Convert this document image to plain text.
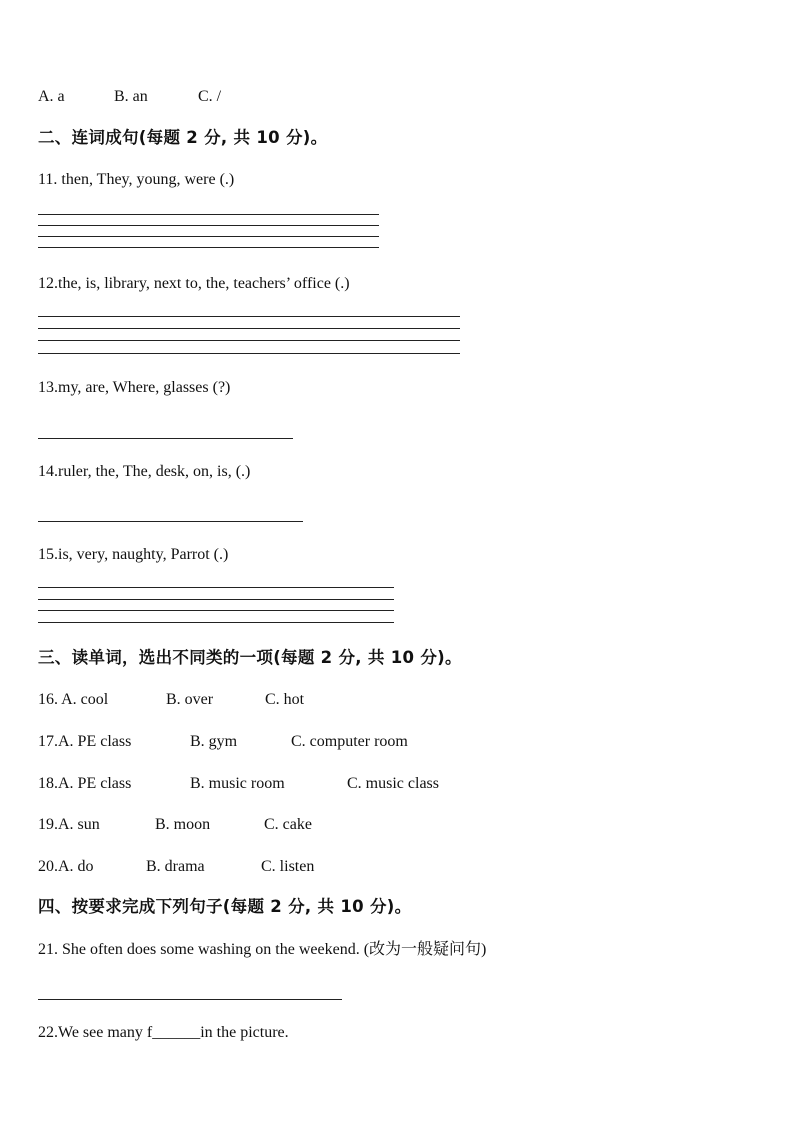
A. a	B. an	C. /
二、连词成句(每题 2 分, 共 10 分)。
11. then, They, young, were (.)
12.the, is, library, next to, the, teachers’ office (.)
13.my, are, Where, glasses (?)
14.ruler, the, The, desk, on, is, (.)
15.is, very, naughty, Parrot (.)
三、读单词，选出不同类的一项(每题 2 分, 共 10 分)。
16. A. cool	B. over	C. hot
17.A. PE class	B. gym	C. computer room
18.A. PE class	B. music room	C. music class
19.A. sun	B. moon	C. cake
20.A. do	B. drama	C. listen
四、按要求完成下列句子(每题 2 分, 共 10 分)。
21. She often does some washing on the weekend. (改为一般疑问句)
22.We see many f______in the picture.
